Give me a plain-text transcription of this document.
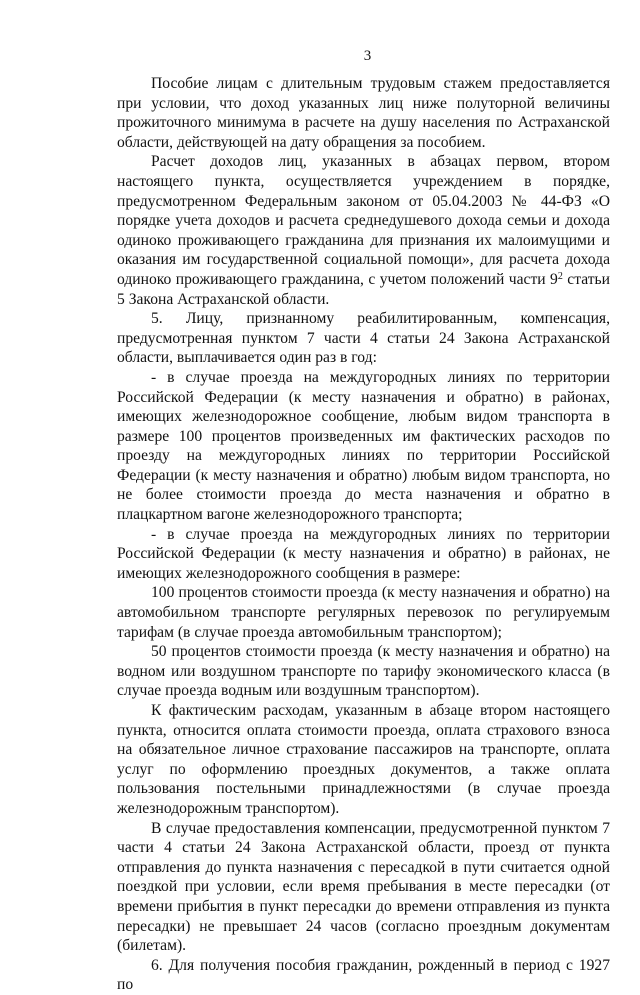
3

Пособие лицам с длительным трудовым стажем предоставляется при условии, что доход указанных лиц ниже полуторной величины прожиточного минимума в расчете на душу населения по Астраханской области, действующей на дату обращения за пособием.

Расчет доходов лиц, указанных в абзацах первом, втором настоящего пункта, осуществляется учреждением в порядке, предусмотренном Федеральным законом от 05.04.2003 № 44-ФЗ «О порядке учета доходов и расчета среднедушевого дохода семьи и дохода одиноко проживающего гражданина для признания их малоимущими и оказания им государственной социальной помощи», для расчета дохода одиноко проживающего гражданина, с учетом положений части $9^2$ статьи 5 Закона Астраханской области.

5. Лицу, признанному реабилитированным, компенсация, предусмотренная пунктом 7 части 4 статьи 24 Закона Астраханской области, выплачивается один раз в год:

- в случае проезда на междугородных линиях по территории Российской Федерации (к месту назначения и обратно) в районах, имеющих железнодорожное сообщение, любым видом транспорта в размере 100 процентов произведенных им фактических расходов по проезду на междугородных линиях по территории Российской Федерации (к месту назначения и обратно) любым видом транспорта, но не более стоимости проезда до места назначения и обратно в плацкартном вагоне железнодорожного транспорта;

- в случае проезда на междугородных линиях по территории Российской Федерации (к месту назначения и обратно) в районах, не имеющих железнодорожного сообщения в размере:

100 процентов стоимости проезда (к месту назначения и обратно) на автомобильном транспорте регулярных перевозок по регулируемым тарифам (в случае проезда автомобильным транспортом);

50 процентов стоимости проезда (к месту назначения и обратно) на водном или воздушном транспорте по тарифу экономического класса (в случае проезда водным или воздушным транспортом).

К фактическим расходам, указанным в абзаце втором настоящего пункта, относится оплата стоимости проезда, оплата страхового взноса на обязательное личное страхование пассажиров на транспорте, оплата услуг по оформлению проездных документов, а также оплата пользования постельными принадлежностями (в случае проезда железнодорожным транспортом).

В случае предоставления компенсации, предусмотренной пунктом 7 части 4 статьи 24 Закона Астраханской области, проезд от пункта отправления до пункта назначения с пересадкой в пути считается одной поездкой при условии, если время пребывания в месте пересадки (от времени прибытия в пункт пересадки до времени отправления из пункта пересадки) не превышает 24 часов (согласно проездным документам (билетам).

6. Для получения пособия гражданин, рожденный в период с 1927 по
